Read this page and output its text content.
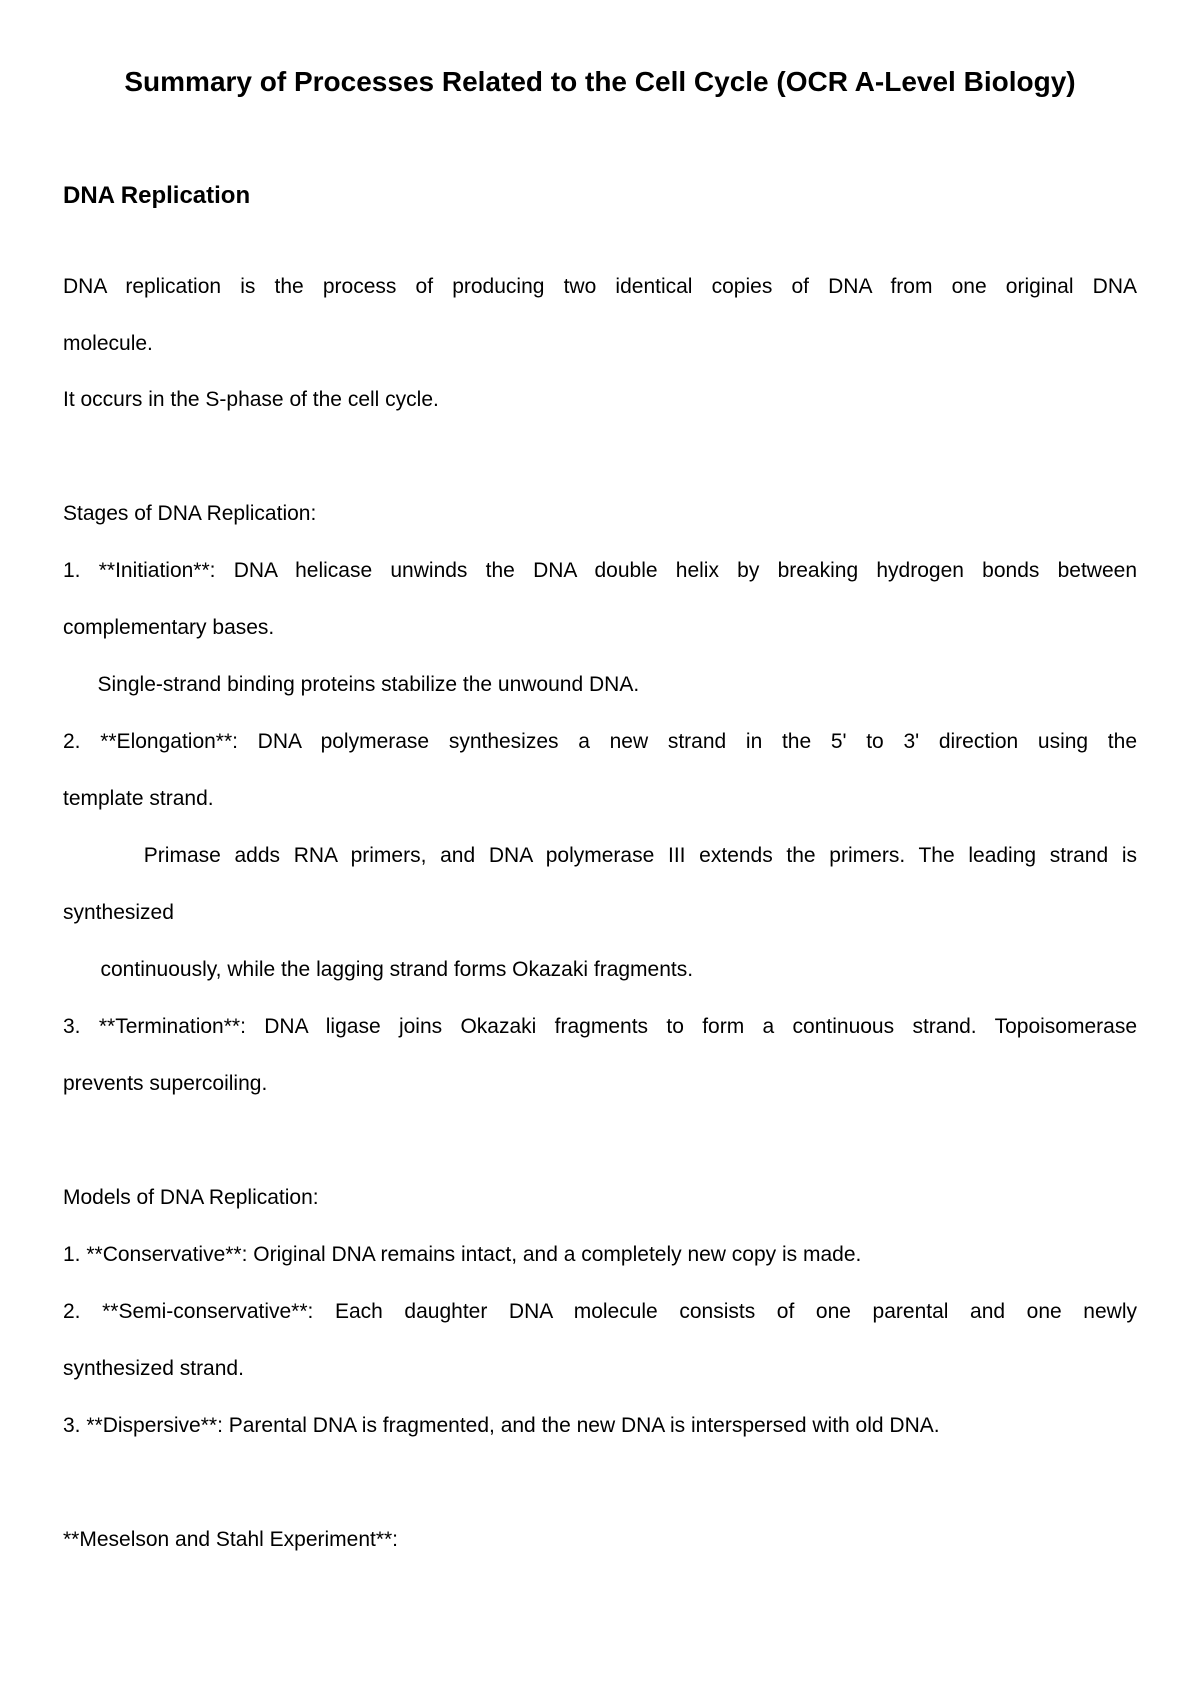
Summary of Processes Related to the Cell Cycle (OCR A-Level Biology)
DNA Replication
DNA replication is the process of producing two identical copies of DNA from one original DNA
molecule.
It occurs in the S-phase of the cell cycle.
Stages of DNA Replication:
1. **Initiation**: DNA helicase unwinds the DNA double helix by breaking hydrogen bonds between
complementary bases.
Single-strand binding proteins stabilize the unwound DNA.
2. **Elongation**: DNA polymerase synthesizes a new strand in the 5' to 3' direction using the
template strand.
Primase adds RNA primers, and DNA polymerase III extends the primers. The leading strand is
synthesized
continuously, while the lagging strand forms Okazaki fragments.
3. **Termination**: DNA ligase joins Okazaki fragments to form a continuous strand. Topoisomerase
prevents supercoiling.
Models of DNA Replication:
1. **Conservative**: Original DNA remains intact, and a completely new copy is made.
2. **Semi-conservative**: Each daughter DNA molecule consists of one parental and one newly
synthesized strand.
3. **Dispersive**: Parental DNA is fragmented, and the new DNA is interspersed with old DNA.
**Meselson and Stahl Experiment**:
